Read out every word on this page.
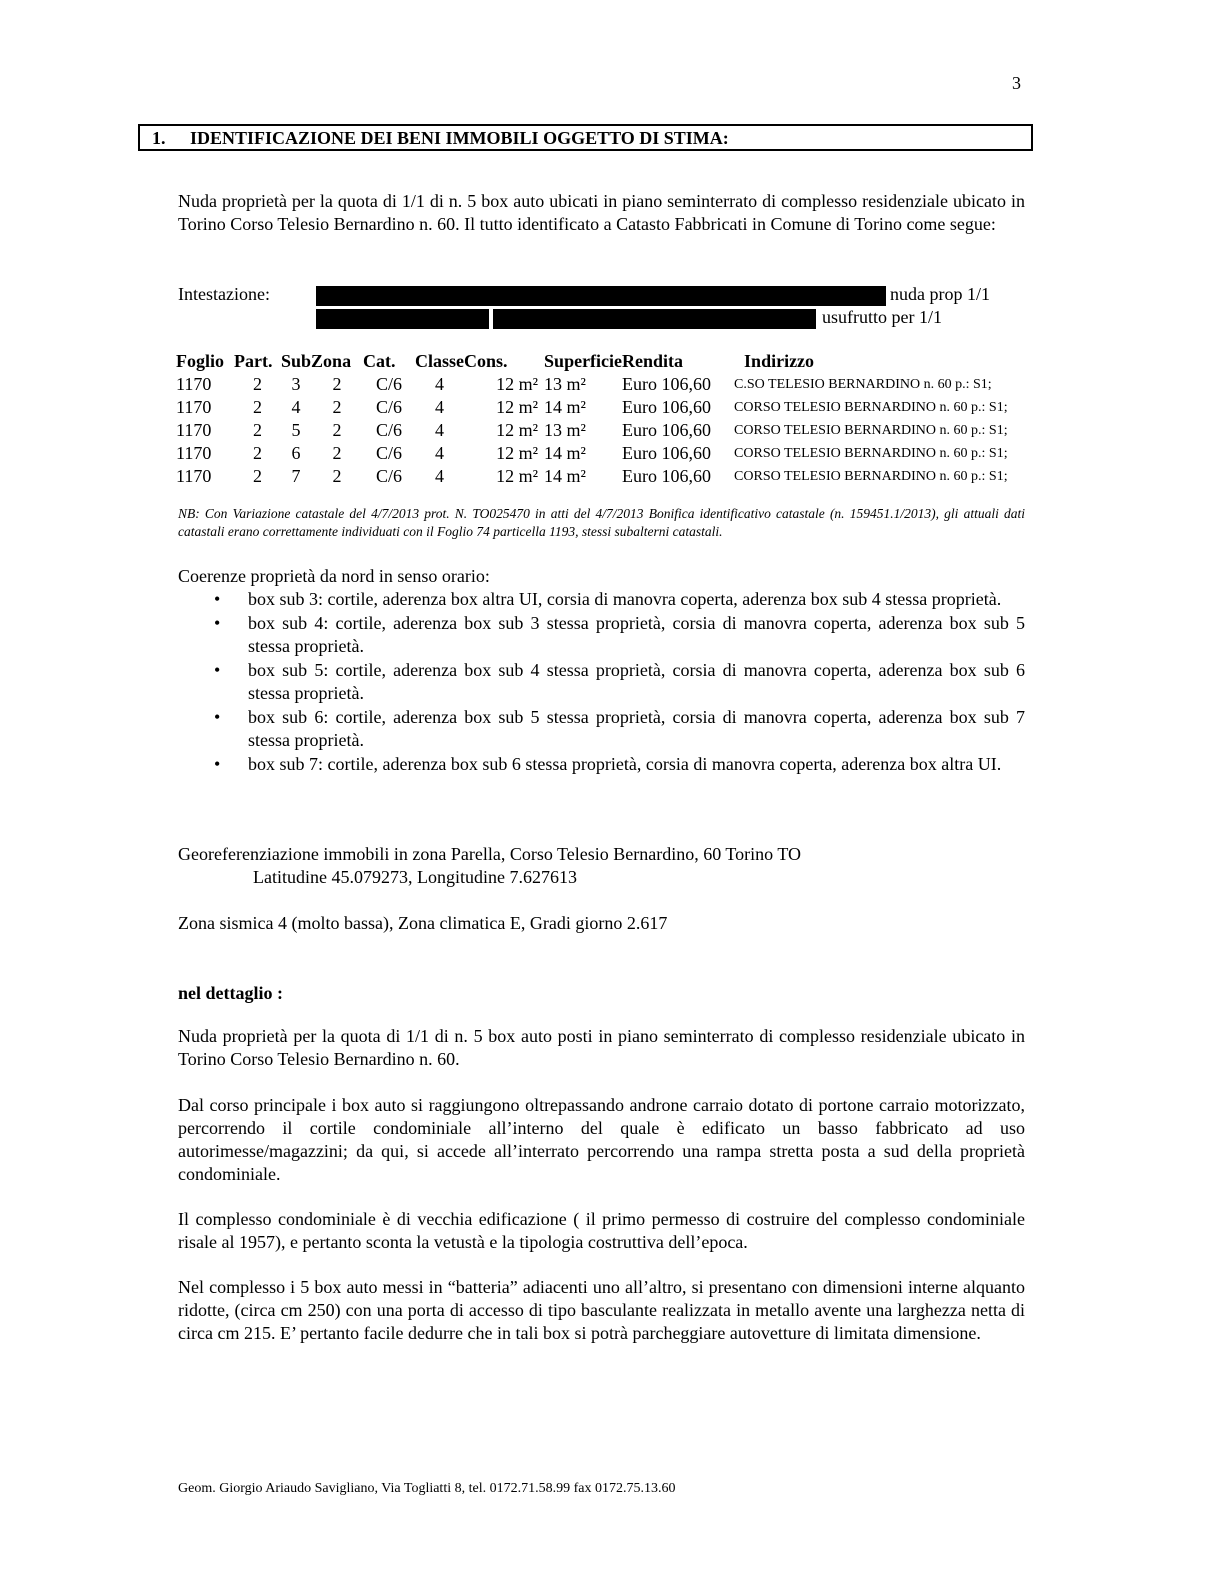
3
1. IDENTIFICAZIONE DEI BENI IMMOBILI OGGETTO DI STIMA:
Nuda proprietà per la quota di 1/1 di n. 5 box auto ubicati in piano seminterrato di complesso residenziale ubicato in Torino Corso Telesio Bernardino n. 60. Il tutto identificato a Catasto Fabbricati in Comune di Torino come segue:
Intestazione:	nuda prop 1/1
usufrutto per 1/1
Foglio	Part.	Sub	Zona	Cat.	Classe	Cons.	Superficie	Rendita	Indirizzo
1170	2	3	2	C/6	4	12 m²	13 m²	Euro 106,60	C.SO TELESIO BERNARDINO n. 60 p.: S1;
1170	2	4	2	C/6	4	12 m²	14 m²	Euro 106,60	CORSO TELESIO BERNARDINO n. 60 p.: S1;
1170	2	5	2	C/6	4	12 m²	13 m²	Euro 106,60	CORSO TELESIO BERNARDINO n. 60 p.: S1;
1170	2	6	2	C/6	4	12 m²	14 m²	Euro 106,60	CORSO TELESIO BERNARDINO n. 60 p.: S1;
1170	2	7	2	C/6	4	12 m²	14 m²	Euro 106,60	CORSO TELESIO BERNARDINO n. 60 p.: S1;
NB: Con Variazione catastale del 4/7/2013 prot. N. TO025470 in atti del 4/7/2013 Bonifica identificativo catastale (n. 159451.1/2013), gli attuali dati catastali erano correttamente individuati con il Foglio 74 particella 1193, stessi subalterni catastali.
Coerenze proprietà da nord in senso orario:
• box sub 3: cortile, aderenza box altra UI, corsia di manovra coperta, aderenza box sub 4 stessa proprietà.
• box sub 4: cortile, aderenza box sub 3 stessa proprietà, corsia di manovra coperta, aderenza box sub 5 stessa proprietà.
• box sub 5: cortile, aderenza box sub 4 stessa proprietà, corsia di manovra coperta, aderenza box sub 6 stessa proprietà.
• box sub 6: cortile, aderenza box sub 5 stessa proprietà, corsia di manovra coperta, aderenza box sub 7 stessa proprietà.
• box sub 7: cortile, aderenza box sub 6 stessa proprietà, corsia di manovra coperta, aderenza box altra UI.
Georeferenziazione immobili in zona Parella, Corso Telesio Bernardino, 60 Torino TO
Latitudine 45.079273, Longitudine 7.627613
Zona sismica 4 (molto bassa), Zona climatica E, Gradi giorno 2.617
nel dettaglio :
Nuda proprietà per la quota di 1/1 di n. 5 box auto posti in piano seminterrato di complesso residenziale ubicato in Torino Corso Telesio Bernardino n. 60.
Dal corso principale i box auto si raggiungono oltrepassando androne carraio dotato di portone carraio motorizzato, percorrendo il cortile condominiale all’interno del quale è edificato un basso fabbricato ad uso autorimesse/magazzini; da qui, si accede all’interrato percorrendo una rampa stretta posta a sud della proprietà condominiale.
Il complesso condominiale è di vecchia edificazione ( il primo permesso di costruire del complesso condominiale risale al 1957), e pertanto sconta la vetustà e la tipologia costruttiva dell’epoca.
Nel complesso i 5 box auto messi in “batteria” adiacenti uno all’altro, si presentano con dimensioni interne alquanto ridotte, (circa cm 250) con una porta di accesso di tipo basculante realizzata in metallo avente una larghezza netta di circa cm 215. E’ pertanto facile dedurre che in tali box si potrà parcheggiare autovetture di limitata dimensione.
Geom. Giorgio Ariaudo Savigliano, Via Togliatti 8, tel. 0172.71.58.99 fax 0172.75.13.60
